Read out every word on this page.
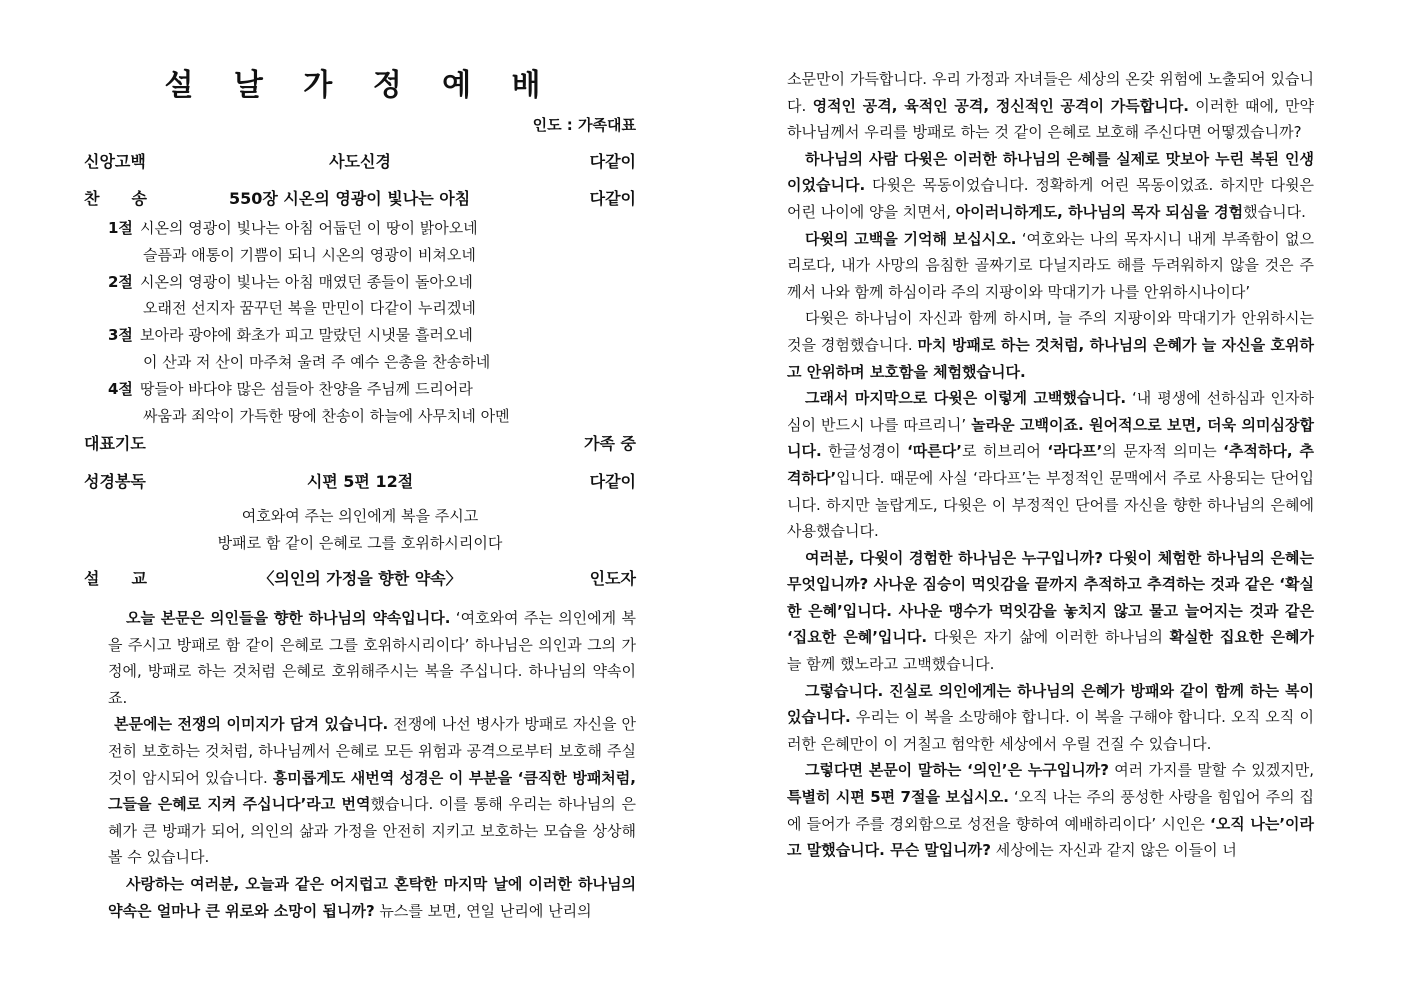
설 날 가 정 예 배
인도 : 가족대표
신앙고백	사도신경	다같이
찬　　송	550장 시온의 영광이 빛나는 아침	다같이
1절 시온의 영광이 빛나는 아침 어둡던 이 땅이 밝아오네
슬픔과 애통이 기쁨이 되니 시온의 영광이 비쳐오네
2절 시온의 영광이 빛나는 아침 매였던 종들이 돌아오네
오래전 선지자 꿈꾸던 복을 만민이 다같이 누리겠네
3절 보아라 광야에 화초가 피고 말랐던 시냇물 흘러오네
이 산과 저 산이 마주쳐 울려 주 예수 은총을 찬송하네
4절 땅들아 바다야 많은 섬들아 찬양을 주님께 드리어라
싸움과 죄악이 가득한 땅에 찬송이 하늘에 사무치네 아멘
대표기도	가족 중
성경봉독	시편 5편 12절	다같이
여호와여 주는 의인에게 복을 주시고
방패로 함 같이 은혜로 그를 호위하시리이다
설　　교	〈의인의 가정을 향한 약속〉	인도자

오늘 본문은 의인들을 향한 하나님의 약속입니다. ‘여호와여 주는 의인에게 복을 주시고 방패로 함 같이 은혜로 그를 호위하시리이다’ 하나님은 의인과 그의 가정에, 방패로 하는 것처럼 은혜로 호위해주시는 복을 주십니다. 하나님의 약속이죠.

본문에는 전쟁의 이미지가 담겨 있습니다. 전쟁에 나선 병사가 방패로 자신을 안전히 보호하는 것처럼, 하나님께서 은혜로 모든 위험과 공격으로부터 보호해 주실 것이 암시되어 있습니다. 흥미롭게도 새번역 성경은 이 부분을 ‘큼직한 방패처럼, 그들을 은혜로 지켜 주십니다’라고 번역했습니다. 이를 통해 우리는 하나님의 은혜가 큰 방패가 되어, 의인의 삶과 가정을 안전히 지키고 보호하는 모습을 상상해볼 수 있습니다.

사랑하는 여러분, 오늘과 같은 어지럽고 혼탁한 마지막 날에 이러한 하나님의 약속은 얼마나 큰 위로와 소망이 됩니까? 뉴스를 보면, 연일 난리에 난리의

소문만이 가득합니다. 우리 가정과 자녀들은 세상의 온갖 위험에 노출되어 있습니다. 영적인 공격, 육적인 공격, 정신적인 공격이 가득합니다. 이러한 때에, 만약 하나님께서 우리를 방패로 하는 것 같이 은혜로 보호해 주신다면 어떻겠습니까?

하나님의 사람 다윗은 이러한 하나님의 은혜를 실제로 맛보아 누린 복된 인생이었습니다. 다윗은 목동이었습니다. 정확하게 어린 목동이었죠. 하지만 다윗은 어린 나이에 양을 치면서, 아이러니하게도, 하나님의 목자 되심을 경험했습니다.

다윗의 고백을 기억해 보십시오. ‘여호와는 나의 목자시니 내게 부족함이 없으리로다, 내가 사망의 음침한 골짜기로 다닐지라도 해를 두려워하지 않을 것은 주께서 나와 함께 하심이라 주의 지팡이와 막대기가 나를 안위하시나이다’

다윗은 하나님이 자신과 함께 하시며, 늘 주의 지팡이와 막대기가 안위하시는 것을 경험했습니다. 마치 방패로 하는 것처럼, 하나님의 은혜가 늘 자신을 호위하고 안위하며 보호함을 체험했습니다.

그래서 마지막으로 다윗은 이렇게 고백했습니다. ‘내 평생에 선하심과 인자하심이 반드시 나를 따르리니’ 놀라운 고백이죠. 원어적으로 보면, 더욱 의미심장합니다. 한글성경이 ‘따른다’로 히브리어 ‘라다프’의 문자적 의미는 ‘추적하다, 추격하다’입니다. 때문에 사실 ‘라다프’는 부정적인 문맥에서 주로 사용되는 단어입니다. 하지만 놀랍게도, 다윗은 이 부정적인 단어를 자신을 향한 하나님의 은혜에 사용했습니다.

여러분, 다윗이 경험한 하나님은 누구입니까? 다윗이 체험한 하나님의 은혜는 무엇입니까? 사나운 짐승이 먹잇감을 끝까지 추적하고 추격하는 것과 같은 ‘확실한 은혜’입니다. 사나운 맹수가 먹잇감을 놓치지 않고 물고 늘어지는 것과 같은 ‘집요한 은혜’입니다. 다윗은 자기 삶에 이러한 하나님의 확실한 집요한 은혜가 늘 함께 했노라고 고백했습니다.

그렇습니다. 진실로 의인에게는 하나님의 은혜가 방패와 같이 함께 하는 복이 있습니다. 우리는 이 복을 소망해야 합니다. 이 복을 구해야 합니다. 오직 오직 이러한 은혜만이 이 거칠고 험악한 세상에서 우릴 건질 수 있습니다.

그렇다면 본문이 말하는 ‘의인’은 누구입니까? 여러 가지를 말할 수 있겠지만, 특별히 시편 5편 7절을 보십시오. ‘오직 나는 주의 풍성한 사랑을 힘입어 주의 집에 들어가 주를 경외함으로 성전을 향하여 예배하리이다’ 시인은 ‘오직 나는’이라고 말했습니다. 무슨 말입니까? 세상에는 자신과 같지 않은 이들이 너
